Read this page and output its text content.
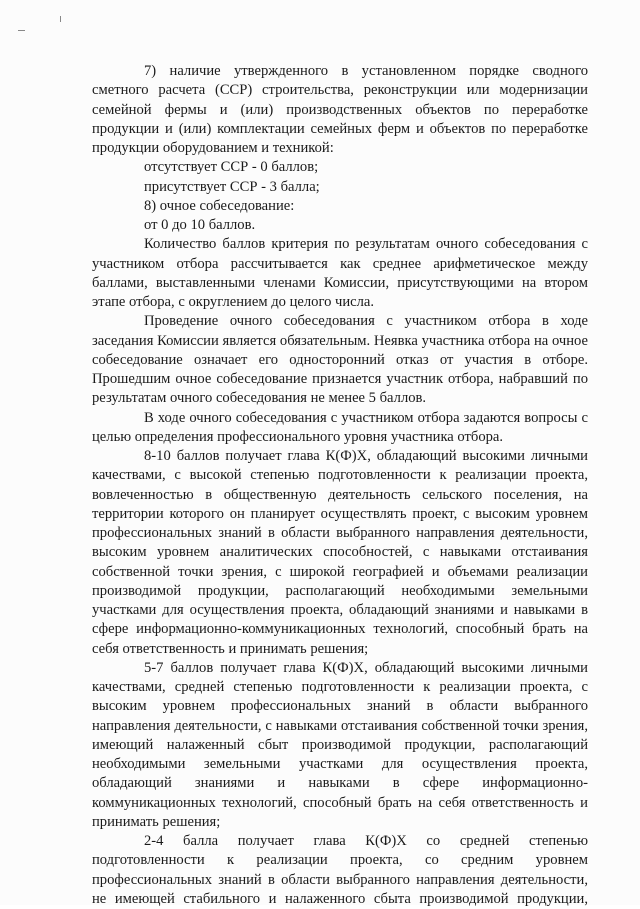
7) наличие утвержденного в установленном порядке сводного сметного расчета (ССР) строительства, реконструкции или модернизации семейной фермы и (или) производственных объектов по переработке продукции и (или) комплектации семейных ферм и объектов по переработке продукции оборудованием и техникой:

отсутствует ССР - 0 баллов;

присутствует ССР - 3 балла;

8) очное собеседование:

от 0 до 10 баллов.

Количество баллов критерия по результатам очного собеседования с участником отбора рассчитывается как среднее арифметическое между баллами, выставленными членами Комиссии, присутствующими на втором этапе отбора, с округлением до целого числа.

Проведение очного собеседования с участником отбора в ходе заседания Комиссии является обязательным. Неявка участника отбора на очное собеседование означает его односторонний отказ от участия в отборе. Прошедшим очное собеседование признается участник отбора, набравший по результатам очного собеседования не менее 5 баллов.

В ходе очного собеседования с участником отбора задаются вопросы с целью определения профессионального уровня участника отбора.

8-10 баллов получает глава К(Ф)Х, обладающий высокими личными качествами, с высокой степенью подготовленности к реализации проекта, вовлеченностью в общественную деятельность сельского поселения, на территории которого он планирует осуществлять проект, с высоким уровнем профессиональных знаний в области выбранного направления деятельности, высоким уровнем аналитических способностей, с навыками отстаивания собственной точки зрения, с широкой географией и объемами реализации производимой продукции, располагающий необходимыми земельными участками для осуществления проекта, обладающий знаниями и навыками в сфере информационно-коммуникационных технологий, способный брать на себя ответственность и принимать решения;

5-7 баллов получает глава К(Ф)Х, обладающий высокими личными качествами, средней степенью подготовленности к реализации проекта, с высоким уровнем профессиональных знаний в области выбранного направления деятельности, с навыками отстаивания собственной точки зрения, имеющий налаженный сбыт производимой продукции, располагающий необходимыми земельными участками для осуществления проекта, обладающий знаниями и навыками в сфере информационно-коммуникационных технологий, способный брать на себя ответственность и принимать решения;

2-4 балла получает глава К(Ф)Х со средней степенью подготовленности к реализации проекта, со средним уровнем профессиональных знаний в области выбранного направления деятельности, не имеющей стабильного и налаженного сбыта производимой продукции,
